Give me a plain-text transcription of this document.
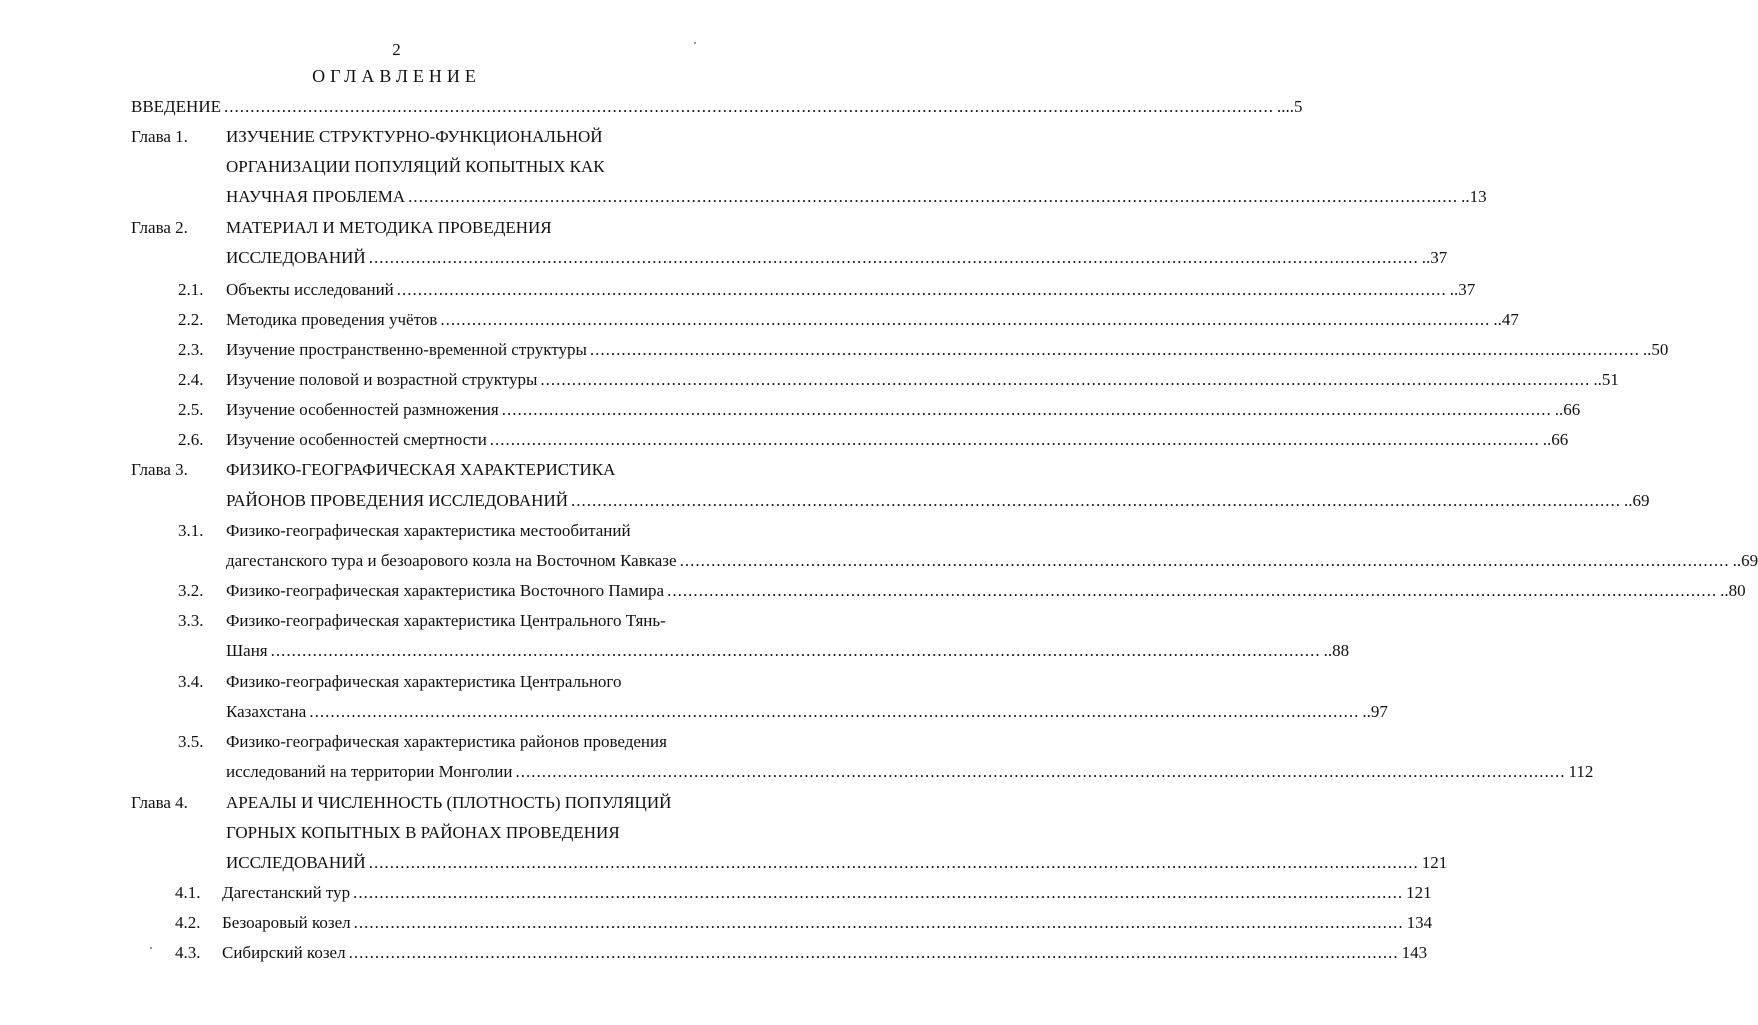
2
ОГЛАВЛЕНИЕ
ВВЕДЕНИЕ ........................................................................................................................................................................................................ ....5
Глава 1. ИЗУЧЕНИЕ СТРУКТУРНО-ФУНКЦИОНАЛЬНОЙ
ОРГАНИЗАЦИИ ПОПУЛЯЦИЙ КОПЫТНЫХ КАК
НАУЧНАЯ ПРОБЛЕМА ........................................................................................................................................................................................................ ..13
Глава 2. МАТЕРИАЛ И МЕТОДИКА ПРОВЕДЕНИЯ
ИССЛЕДОВАНИЙ ........................................................................................................................................................................................................ ..37
2.1. Объекты исследований ........................................................................................................................................................................................................ ..37
2.2. Методика проведения учётов ........................................................................................................................................................................................................ ..47
2.3. Изучение пространственно-временной структуры ........................................................................................................................................................................................................ ..50
2.4. Изучение половой и возрастной структуры ........................................................................................................................................................................................................ ..51
2.5. Изучение особенностей размножения ........................................................................................................................................................................................................ ..66
2.6. Изучение особенностей смертности ........................................................................................................................................................................................................ ..66
Глава 3. ФИЗИКО-ГЕОГРАФИЧЕСКАЯ ХАРАКТЕРИСТИКА
РАЙОНОВ ПРОВЕДЕНИЯ ИССЛЕДОВАНИЙ ........................................................................................................................................................................................................ ..69
3.1. Физико-географическая характеристика местообитаний
дагестанского тура и безоарового козла на Восточном Кавказе ........................................................................................................................................................................................................ ..69
3.2. Физико-географическая характеристика Восточного Памира ........................................................................................................................................................................................................ ..80
3.3. Физико-географическая характеристика Центрального Тянь-
Шаня ........................................................................................................................................................................................................ ..88
3.4. Физико-географическая характеристика Центрального
Казахстана ........................................................................................................................................................................................................ ..97
3.5. Физико-географическая характеристика районов проведения
исследований на территории Монголии ........................................................................................................................................................................................................ 112
Глава 4. АРЕАЛЫ И ЧИСЛЕННОСТЬ (ПЛОТНОСТЬ) ПОПУЛЯЦИЙ
ГОРНЫХ КОПЫТНЫХ В РАЙОНАХ ПРОВЕДЕНИЯ
ИССЛЕДОВАНИЙ ........................................................................................................................................................................................................ 121
4.1. Дагестанский тур ........................................................................................................................................................................................................ 121
4.2. Безоаровый козел ........................................................................................................................................................................................................ 134
4.3. Сибирский козел ........................................................................................................................................................................................................ 143
